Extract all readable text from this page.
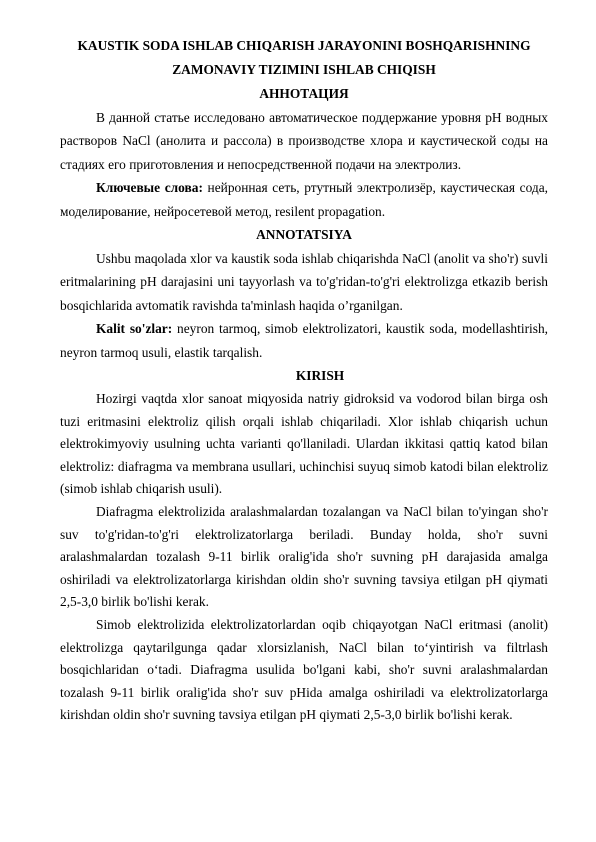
KAUSTIK SODA ISHLAB CHIQARISH JARAYONINI BOSHQARISHNING
ZAMONAVIY TIZIMINI ISHLAB CHIQISH

АННОТАЦИЯ

В данной статье исследовано автоматическое поддержание уровня pH водных растворов NaCl (анолита и рассола) в производстве хлора и каустической соды на стадиях его приготовления и непосредственной подачи на электролиз.

Ключевые слова: нейронная сеть, ртутный электролизёр, каустическая сода, моделирование, нейросетевой метод, resilent propagation.

ANNOTATSIYA

Ushbu maqolada xlor va kaustik soda ishlab chiqarishda NaCl (anolit va sho'r) suvli eritmalarining pH darajasini uni tayyorlash va to'g'ridan-to'g'ri elektrolizga etkazib berish bosqichlarida avtomatik ravishda ta'minlash haqida o’rganilgan.

Kalit so'zlar: neyron tarmoq, simob elektrolizatori, kaustik soda, modellashtirish, neyron tarmoq usuli, elastik tarqalish.

KIRISH

Hozirgi vaqtda xlor sanoat miqyosida natriy gidroksid va vodorod bilan birga osh tuzi eritmasini elektroliz qilish orqali ishlab chiqariladi. Xlor ishlab chiqarish uchun elektrokimyoviy usulning uchta varianti qo'llaniladi. Ulardan ikkitasi qattiq katod bilan elektroliz: diafragma va membrana usullari, uchinchisi suyuq simob katodi bilan elektroliz (simob ishlab chiqarish usuli).

Diafragma elektrolizida aralashmalardan tozalangan va NaCl bilan to'yingan sho'r suv to'g'ridan-to'g'ri elektrolizatorlarga beriladi. Bunday holda, sho'r suvni aralashmalardan tozalash 9-11 birlik oralig'ida sho'r suvning pH darajasida amalga oshiriladi va elektrolizatorlarga kirishdan oldin sho'r suvning tavsiya etilgan pH qiymati 2,5-3,0 birlik bo'lishi kerak.

Simob elektrolizida elektrolizatorlardan oqib chiqayotgan NaCl eritmasi (anolit) elektrolizga qaytarilgunga qadar xlorsizlanish, NaCl bilan to‘yintirish va filtrlash bosqichlaridan o‘tadi. Diafragma usulida bo'lgani kabi, sho'r suvni aralashmalardan tozalash 9-11 birlik oralig'ida sho'r suv pHida amalga oshiriladi va elektrolizatorlarga kirishdan oldin sho'r suvning tavsiya etilgan pH qiymati 2,5-3,0 birlik bo'lishi kerak.
